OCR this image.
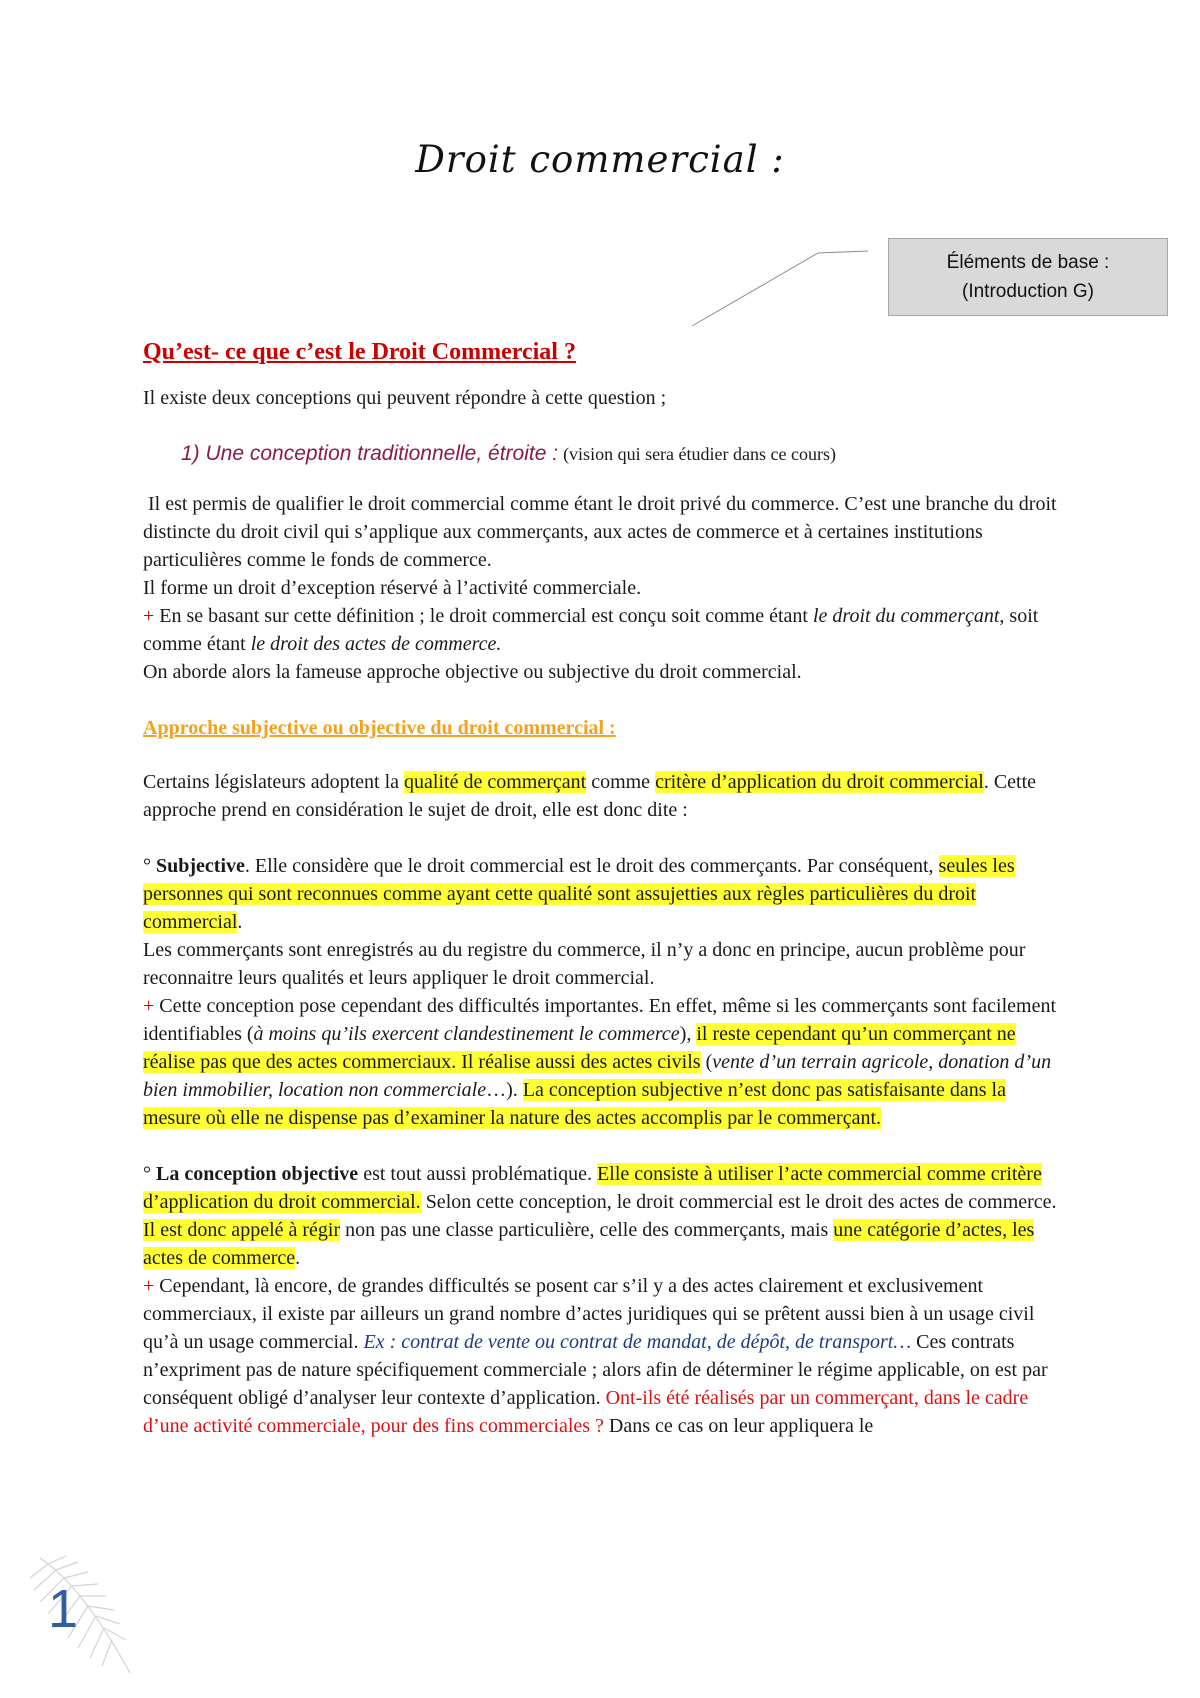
Droit commercial :
Éléments de base :
(Introduction G)
Qu’est- ce que c’est le Droit Commercial ?

Il existe deux conceptions qui peuvent répondre à cette question ;

1) Une conception traditionnelle, étroite : (vision qui sera étudier dans ce cours)

Il est permis de qualifier le droit commercial comme étant le droit privé du commerce. C’est une branche du droit distincte du droit civil qui s’applique aux commerçants, aux actes de commerce et à certaines institutions particulières comme le fonds de commerce.

Il forme un droit d’exception réservé à l’activité commerciale.

+ En se basant sur cette définition ; le droit commercial est conçu soit comme étant le droit du commerçant, soit comme étant le droit des actes de commerce.

On aborde alors la fameuse approche objective ou subjective du droit commercial.

Approche subjective ou objective du droit commercial :

Certains législateurs adoptent la qualité de commerçant comme critère d’application du droit commercial. Cette approche prend en considération le sujet de droit, elle est donc dite :

° Subjective. Elle considère que le droit commercial est le droit des commerçants. Par conséquent, seules les personnes qui sont reconnues comme ayant cette qualité sont assujetties aux règles particulières du droit commercial.

Les commerçants sont enregistrés au du registre du commerce, il n’y a donc en principe, aucun problème pour reconnaitre leurs qualités et leurs appliquer le droit commercial.

+ Cette conception pose cependant des difficultés importantes. En effet, même si les commerçants sont facilement identifiables (à moins qu’ils exercent clandestinement le commerce), il reste cependant qu’un commerçant ne réalise pas que des actes commerciaux. Il réalise aussi des actes civils (vente d’un terrain agricole, donation d’un bien immobilier, location non commerciale…). La conception subjective n’est donc pas satisfaisante dans la mesure où elle ne dispense pas d’examiner la nature des actes accomplis par le commerçant.

° La conception objective est tout aussi problématique. Elle consiste à utiliser l’acte commercial comme critère d’application du droit commercial. Selon cette conception, le droit commercial est le droit des actes de commerce. Il est donc appelé à régir non pas une classe particulière, celle des commerçants, mais une catégorie d’actes, les actes de commerce.

+ Cependant, là encore, de grandes difficultés se posent car s’il y a des actes clairement et exclusivement commerciaux, il existe par ailleurs un grand nombre d’actes juridiques qui se prêtent aussi bien à un usage civil qu’à un usage commercial. Ex : contrat de vente ou contrat de mandat, de dépôt, de transport… Ces contrats n’expriment pas de nature spécifiquement commerciale ; alors afin de déterminer le régime applicable, on est par conséquent obligé d’analyser leur contexte d’application. Ont-ils été réalisés par un commerçant, dans le cadre d’une activité commerciale, pour des fins commerciales ? Dans ce cas on leur appliquera le

1
